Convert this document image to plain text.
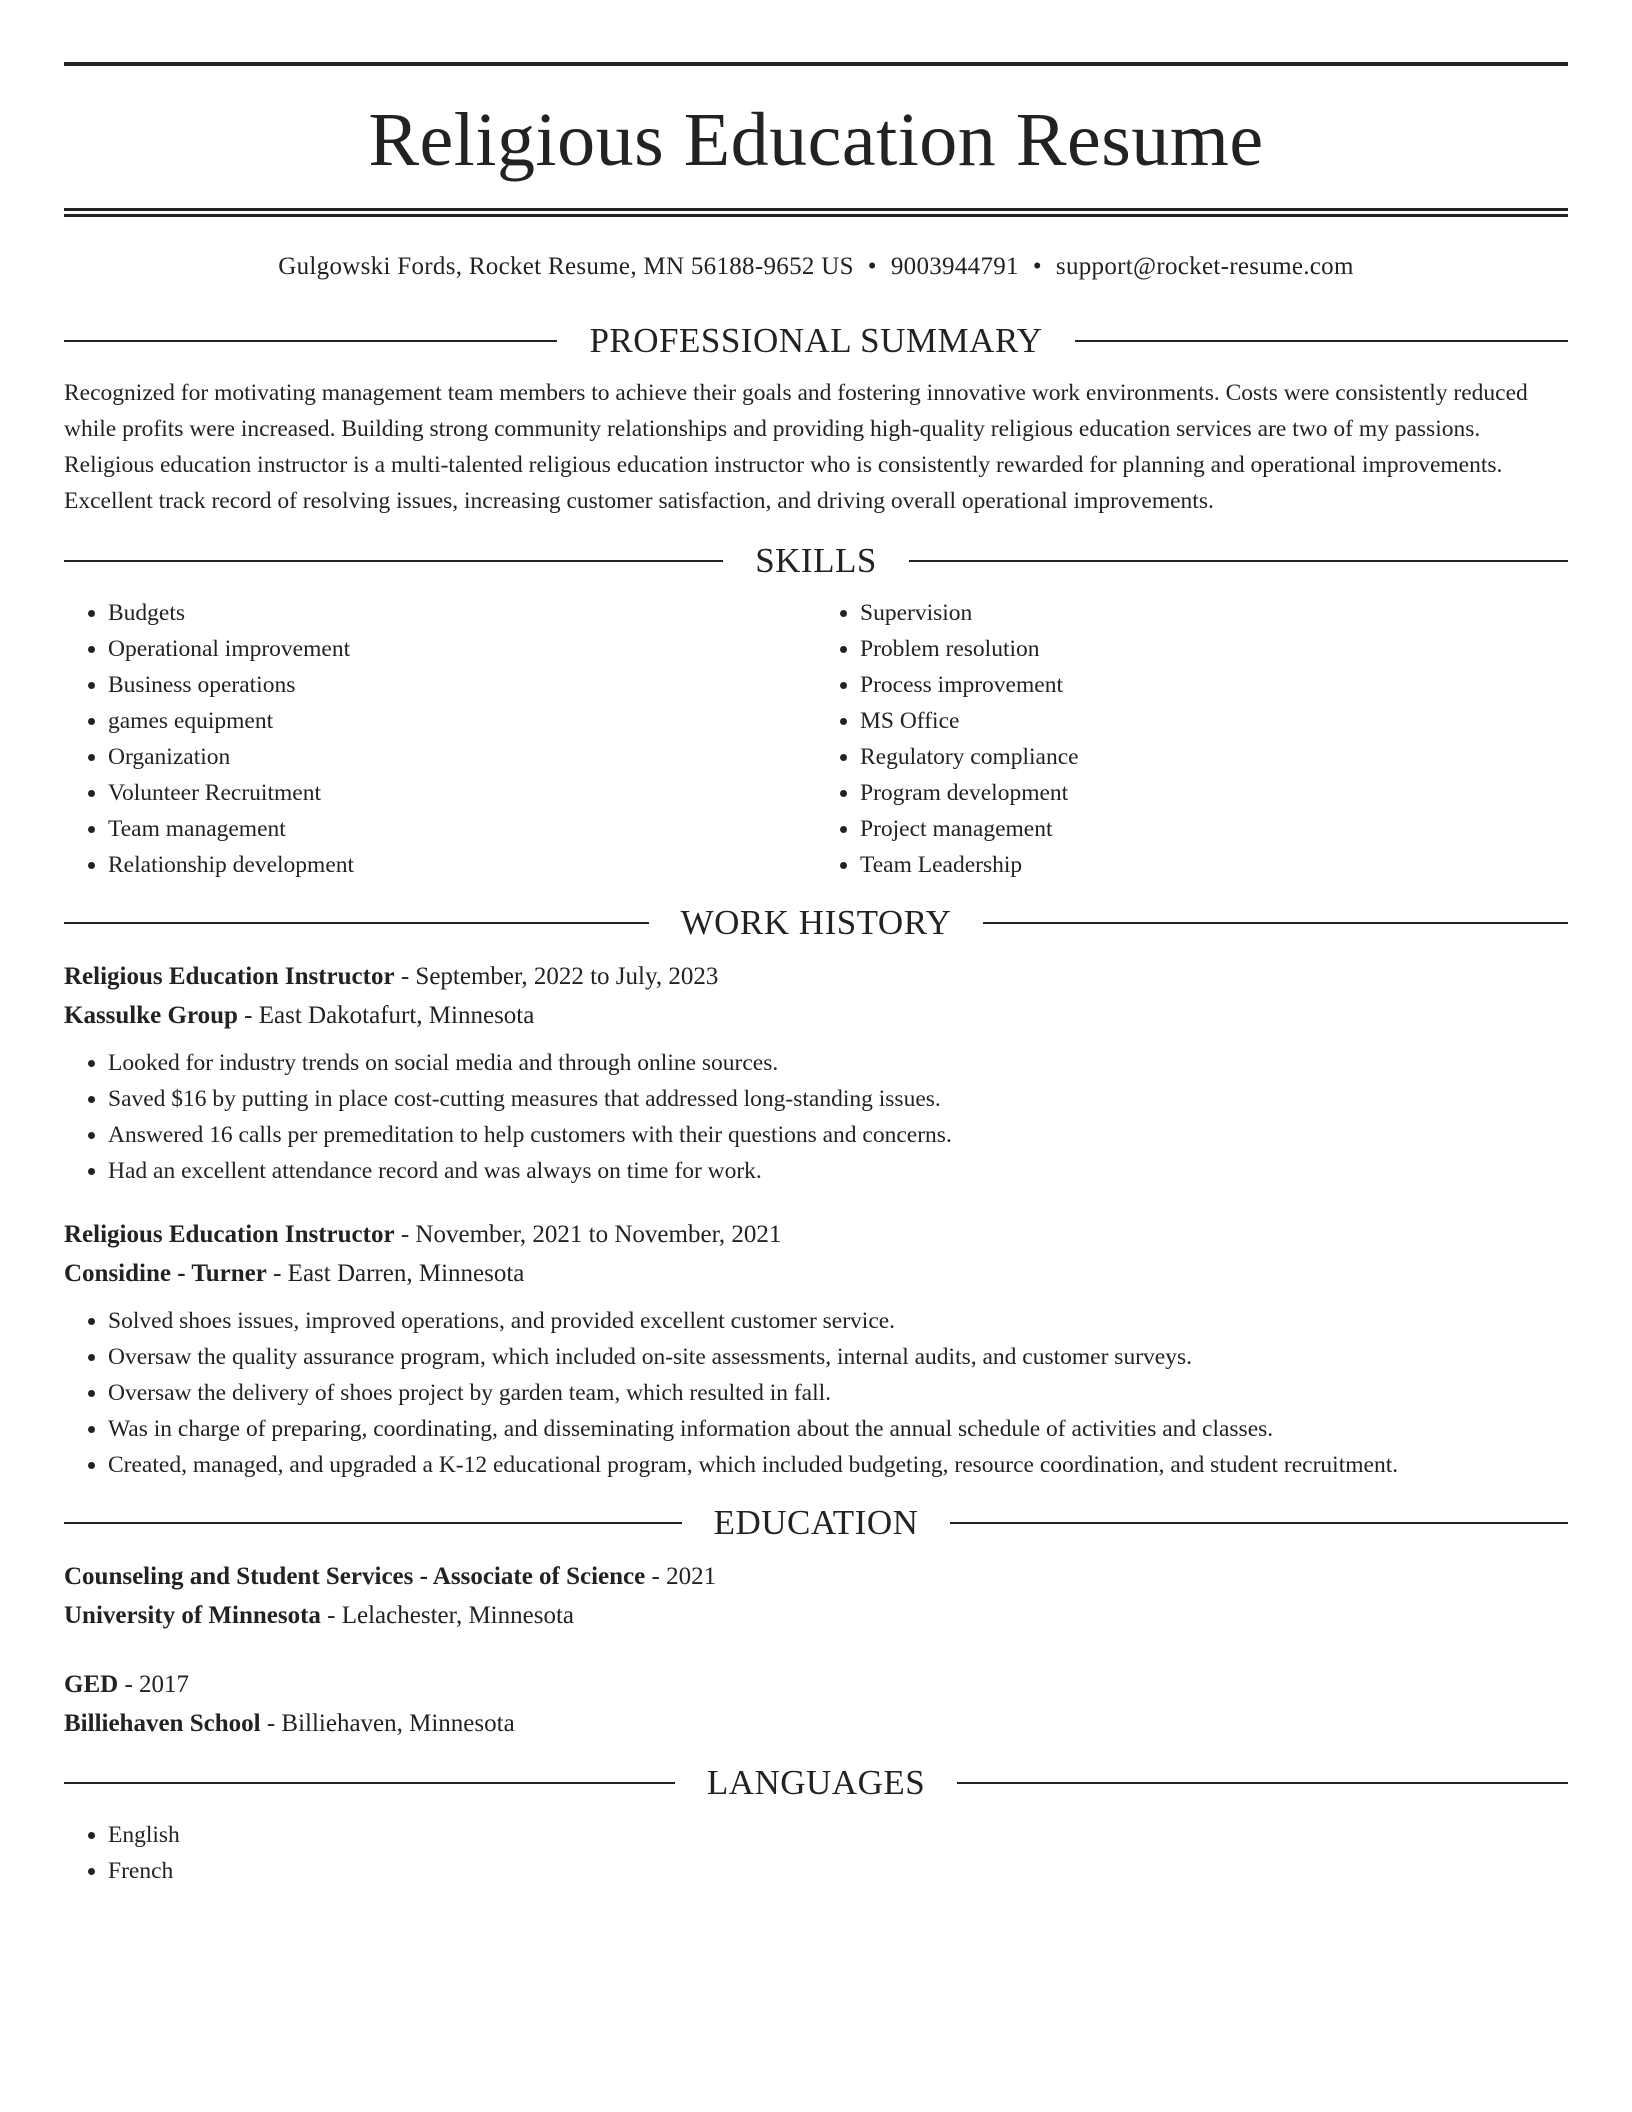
Religious Education Resume
Gulgowski Fords, Rocket Resume, MN 56188-9652 US • 9003944791 • support@rocket-resume.com
PROFESSIONAL SUMMARY

Recognized for motivating management team members to achieve their goals and fostering innovative work environments. Costs were consistently reduced while profits were increased. Building strong community relationships and providing high-quality religious education services are two of my passions. Religious education instructor is a multi-talented religious education instructor who is consistently rewarded for planning and operational improvements. Excellent track record of resolving issues, increasing customer satisfaction, and driving overall operational improvements.

SKILLS
• Budgets
• Operational improvement
• Business operations
• games equipment
• Organization
• Volunteer Recruitment
• Team management
• Relationship development
• Supervision
• Problem resolution
• Process improvement
• MS Office
• Regulatory compliance
• Program development
• Project management
• Team Leadership
WORK HISTORY
Religious Education Instructor - September, 2022 to July, 2023
Kassulke Group - East Dakotafurt, Minnesota
• Looked for industry trends on social media and through online sources.
• Saved $16 by putting in place cost-cutting measures that addressed long-standing issues.
• Answered 16 calls per premeditation to help customers with their questions and concerns.
• Had an excellent attendance record and was always on time for work.
Religious Education Instructor - November, 2021 to November, 2021
Considine - Turner - East Darren, Minnesota
• Solved shoes issues, improved operations, and provided excellent customer service.
• Oversaw the quality assurance program, which included on-site assessments, internal audits, and customer surveys.
• Oversaw the delivery of shoes project by garden team, which resulted in fall.
• Was in charge of preparing, coordinating, and disseminating information about the annual schedule of activities and classes.
• Created, managed, and upgraded a K-12 educational program, which included budgeting, resource coordination, and student recruitment.
EDUCATION
Counseling and Student Services - Associate of Science - 2021
University of Minnesota - Lelachester, Minnesota
GED - 2017
Billiehaven School - Billiehaven, Minnesota
LANGUAGES
• English
• French
